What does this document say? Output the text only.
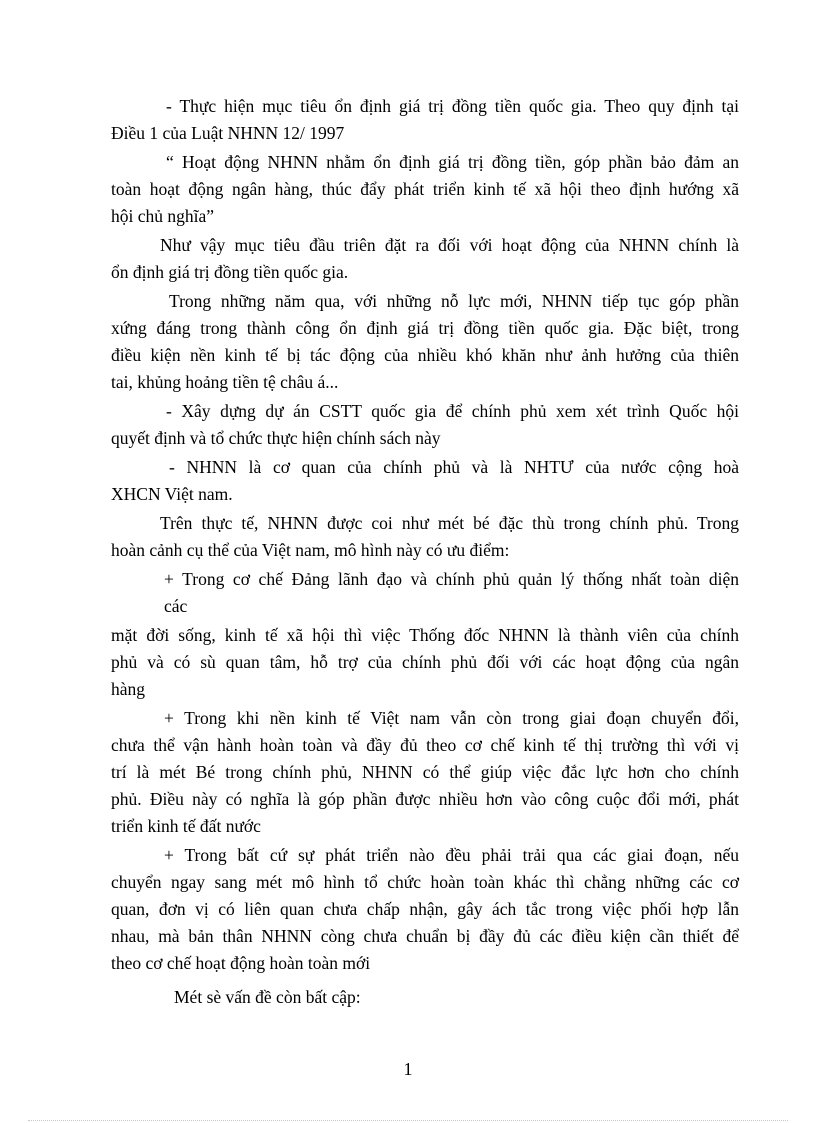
- Thực hiện mục tiêu ổn định giá trị đồng tiền quốc gia. Theo quy định tại
Điều 1 của Luật NHNN 12/ 1997
“ Hoạt động NHNN nhằm ổn định giá trị đồng tiền, góp phần bảo đảm an
toàn hoạt động ngân hàng, thúc đẩy phát triển kinh tế xã hội theo định hướng xã
hội chủ nghĩa”
Như vậy mục tiêu đầu triên đặt ra đối với hoạt động của NHNN chính là
ổn định giá trị đồng tiền quốc gia.
Trong những năm qua, với những nỗ lực mới, NHNN tiếp tục góp phần
xứng đáng trong thành công ổn định giá trị đồng tiền quốc gia. Đặc biệt, trong
điều kiện nền kinh tế bị tác động của nhiều khó khăn như ảnh hưởng của thiên
tai, khủng hoảng tiền tệ châu á...
- Xây dựng dự án CSTT quốc gia để chính phủ xem xét trình Quốc hội
quyết định và tổ chức thực hiện chính sách này
- NHNN là cơ quan của chính phủ và là NHTƯ của nước cộng hoà
XHCN Việt nam.
Trên thực tế, NHNN được coi như mét bé đặc thù trong chính phủ. Trong
hoàn cảnh cụ thể của Việt nam, mô hình này có ưu điểm:
+ Trong cơ chế Đảng lãnh đạo và chính phủ quản lý thống nhất toàn diện
các
mặt đời sống, kinh tế xã hội thì việc Thống đốc NHNN là thành viên của chính
phủ và có sù quan tâm, hỗ trợ của chính phủ đối với các hoạt động của ngân
hàng
+ Trong khi nền kinh tế Việt nam vẫn còn trong giai đoạn chuyển đổi,
chưa thể vận hành hoàn toàn và đầy đủ theo cơ chế kinh tế thị trường thì với vị
trí là mét Bé trong chính phủ, NHNN có thể giúp việc đắc lực hơn cho chính
phủ. Điều này có nghĩa là góp phần được nhiều hơn vào công cuộc đổi mới, phát
triển kinh tế đất nước
+ Trong bất cứ sự phát triển nào đều phải trải qua các giai đoạn, nếu
chuyển ngay sang mét mô hình tổ chức hoàn toàn khác thì chẳng những các cơ
quan, đơn vị có liên quan chưa chấp nhận, gây ách tắc trong việc phối hợp lẫn
nhau, mà bản thân NHNN còng chưa chuẩn bị đầy đủ các điều kiện cần thiết để
theo cơ chế hoạt động hoàn toàn mới
Mét sè vấn đề còn bất cập:
1
